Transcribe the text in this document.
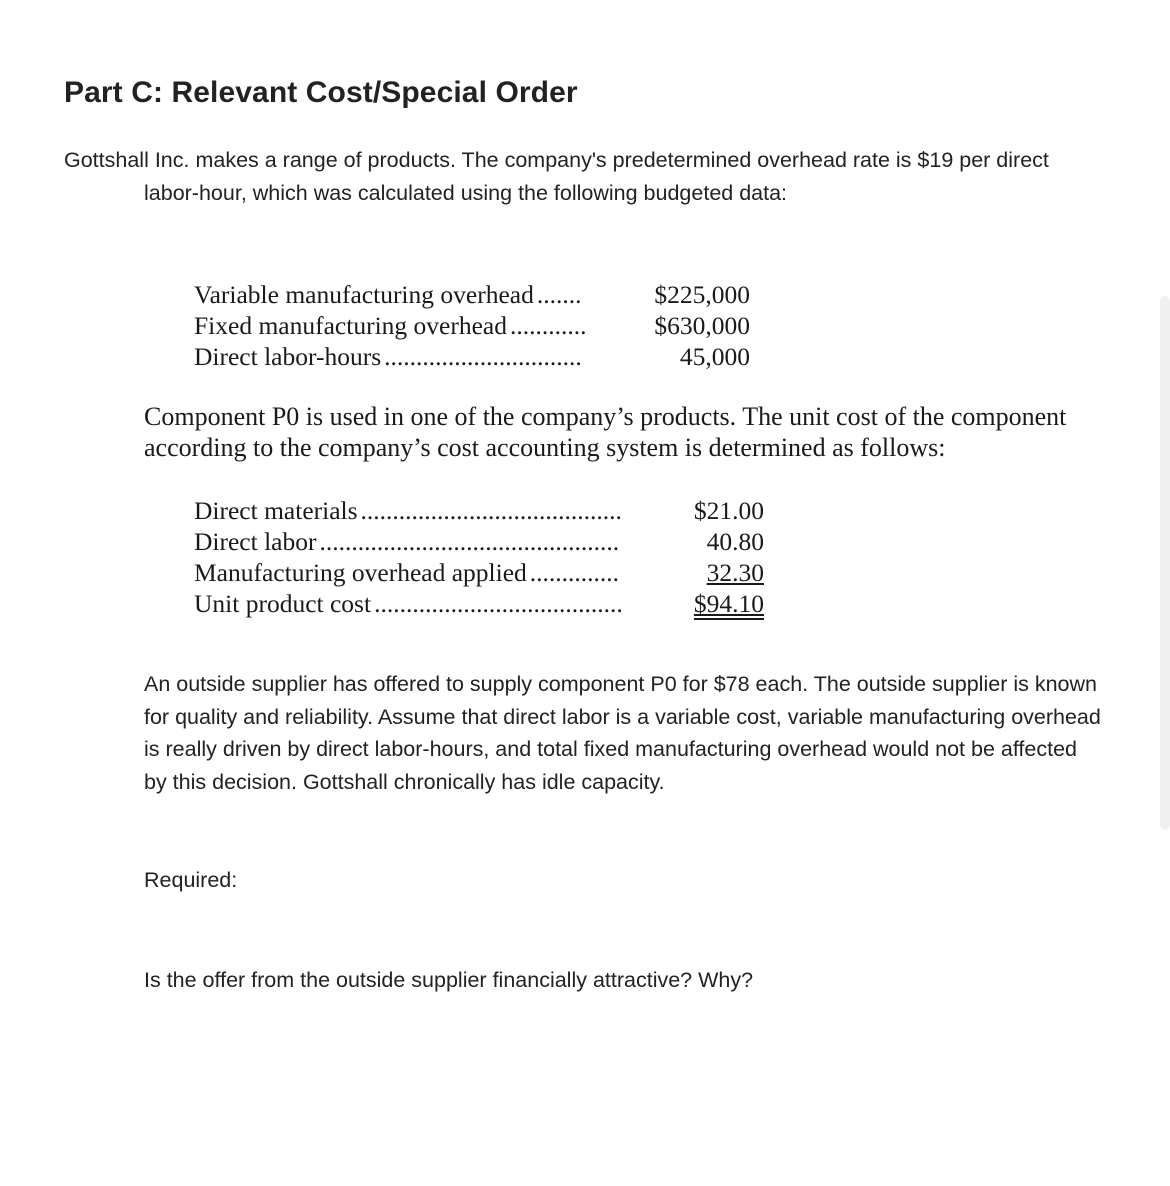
Part C: Relevant Cost/Special Order
Gottshall Inc. makes a range of products. The company's predetermined overhead rate is $19 per direct
labor-hour, which was calculated using the following budgeted data:
Variable manufacturing overhead .......	$225,000
Fixed manufacturing overhead ............	$630,000
Direct labor-hours ...............................	45,000
Component P0 is used in one of the company’s products. The unit cost of the component according to the company’s cost accounting system is determined as follows:
Direct materials .........................................	$21.00
Direct labor ...............................................	40.80
Manufacturing overhead applied ..............	32.30
Unit product cost .......................................	$94.10
An outside supplier has offered to supply component P0 for $78 each. The outside supplier is known for quality and reliability. Assume that direct labor is a variable cost, variable manufacturing overhead is really driven by direct labor-hours, and total fixed manufacturing overhead would not be affected by this decision. Gottshall chronically has idle capacity.
Required:
Is the offer from the outside supplier financially attractive? Why?
